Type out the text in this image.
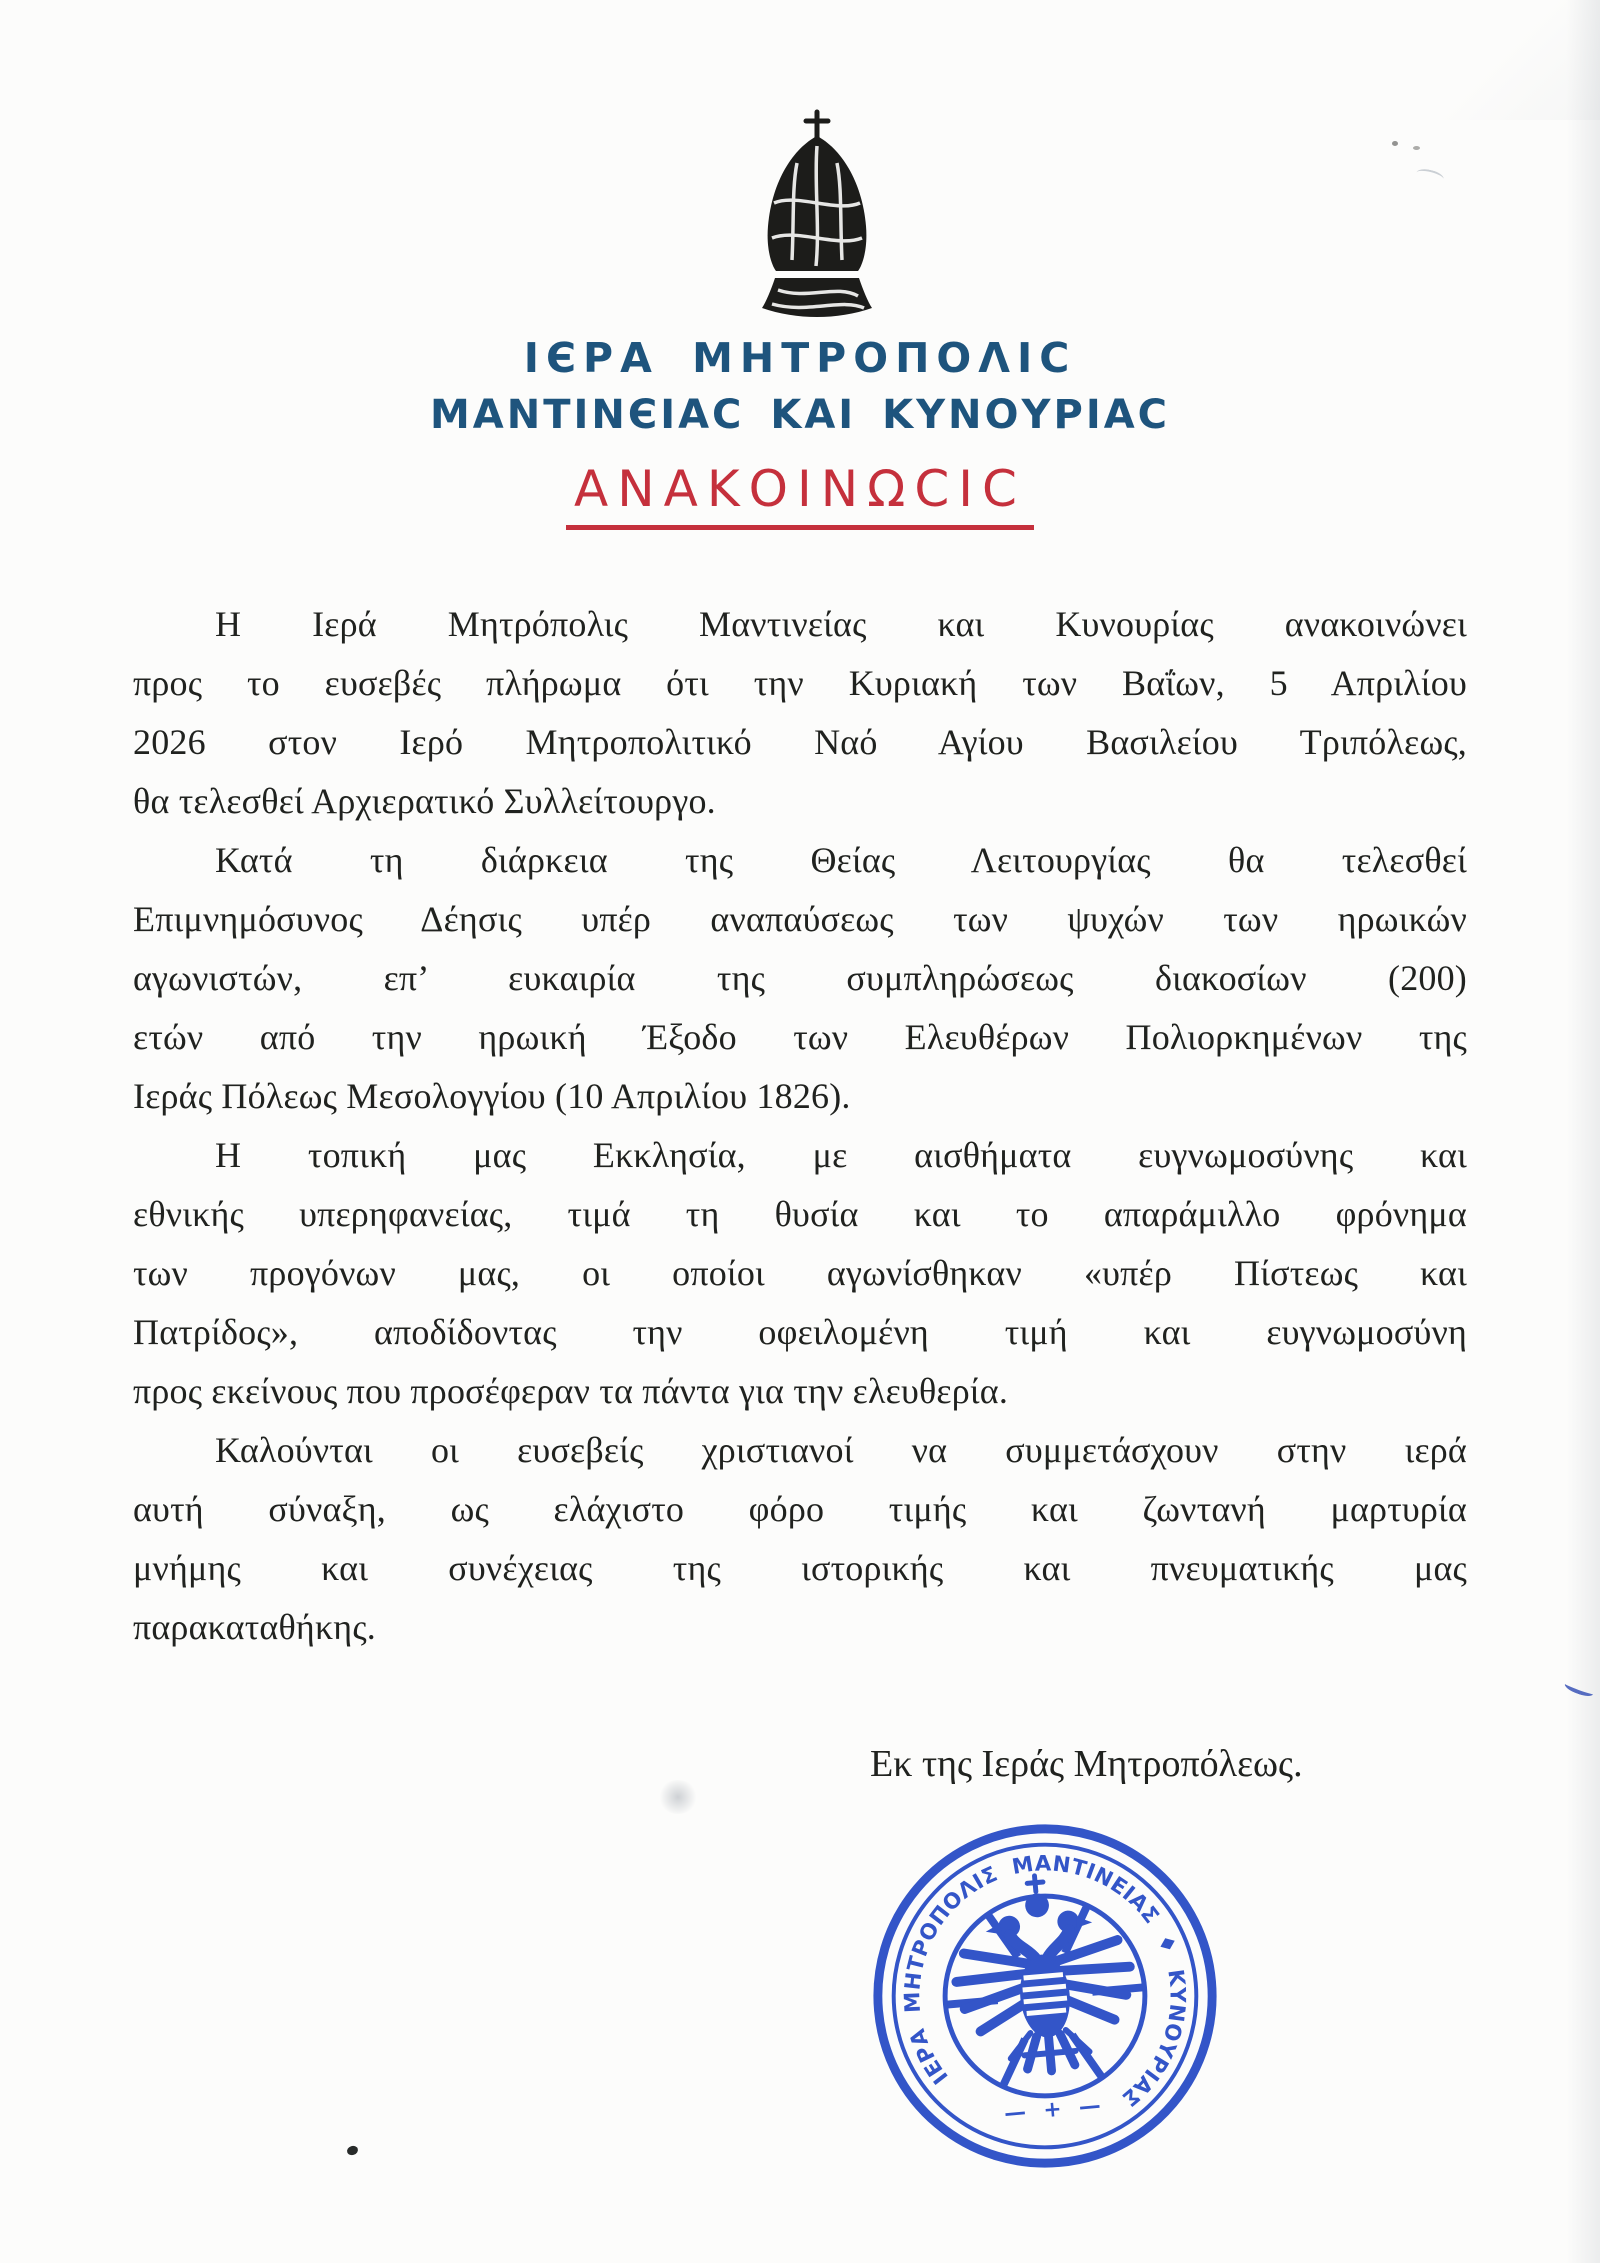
ΙЄΡΑ ΜΗΤΡΟΠΟΛΙC
ΜΑΝΤΙΝЄΙΑC ΚΑΙ ΚΥΝΟΥΡΙΑC
ΑΝΑΚΟΙΝΩCΙC
Η Ιερά Μητρόπολις Μαντινείας και Κυνουρίας ανακοινώνει
προς το ευσεβές πλήρωμα ότι την Κυριακή των Βαΐων, 5 Απριλίου
2026 στον Ιερό Μητροπολιτικό Ναό Αγίου Βασιλείου Τριπόλεως,
θα τελεσθεί Αρχιερατικό Συλλείτουργο.
Κατά τη διάρκεια της Θείας Λειτουργίας θα τελεσθεί
Επιμνημόσυνος Δέησις υπέρ αναπαύσεως των ψυχών των ηρωικών
αγωνιστών, επ’ ευκαιρία της συμπληρώσεως διακοσίων (200)
ετών από την ηρωική Έξοδο των Ελευθέρων Πολιορκημένων της
Ιεράς Πόλεως Μεσολογγίου (10 Απριλίου 1826).
Η τοπική μας Εκκλησία, με αισθήματα ευγνωμοσύνης και
εθνικής υπερηφανείας, τιμά τη θυσία και το απαράμιλλο φρόνημα
των προγόνων μας, οι οποίοι αγωνίσθηκαν «υπέρ Πίστεως και
Πατρίδος», αποδίδοντας την οφειλομένη τιμή και ευγνωμοσύνη
προς εκείνους που προσέφεραν τα πάντα για την ελευθερία.
Καλούνται οι ευσεβείς χριστιανοί να συμμετάσχουν στην ιερά
αυτή σύναξη, ως ελάχιστο φόρο τιμής και ζωντανή μαρτυρία
μνήμης και συνέχειας της ιστορικής και πνευματικής μας
παρακαταθήκης.
Εκ της Ιεράς Μητροπόλεως.
ΙΕΡΑ ΜΗΤΡΟΠΟΛΙΣ ΜΑΝΤΙΝΕΙΑΣ ♦ ΚΥΝΟΥΡΙΑΣ
— + —
